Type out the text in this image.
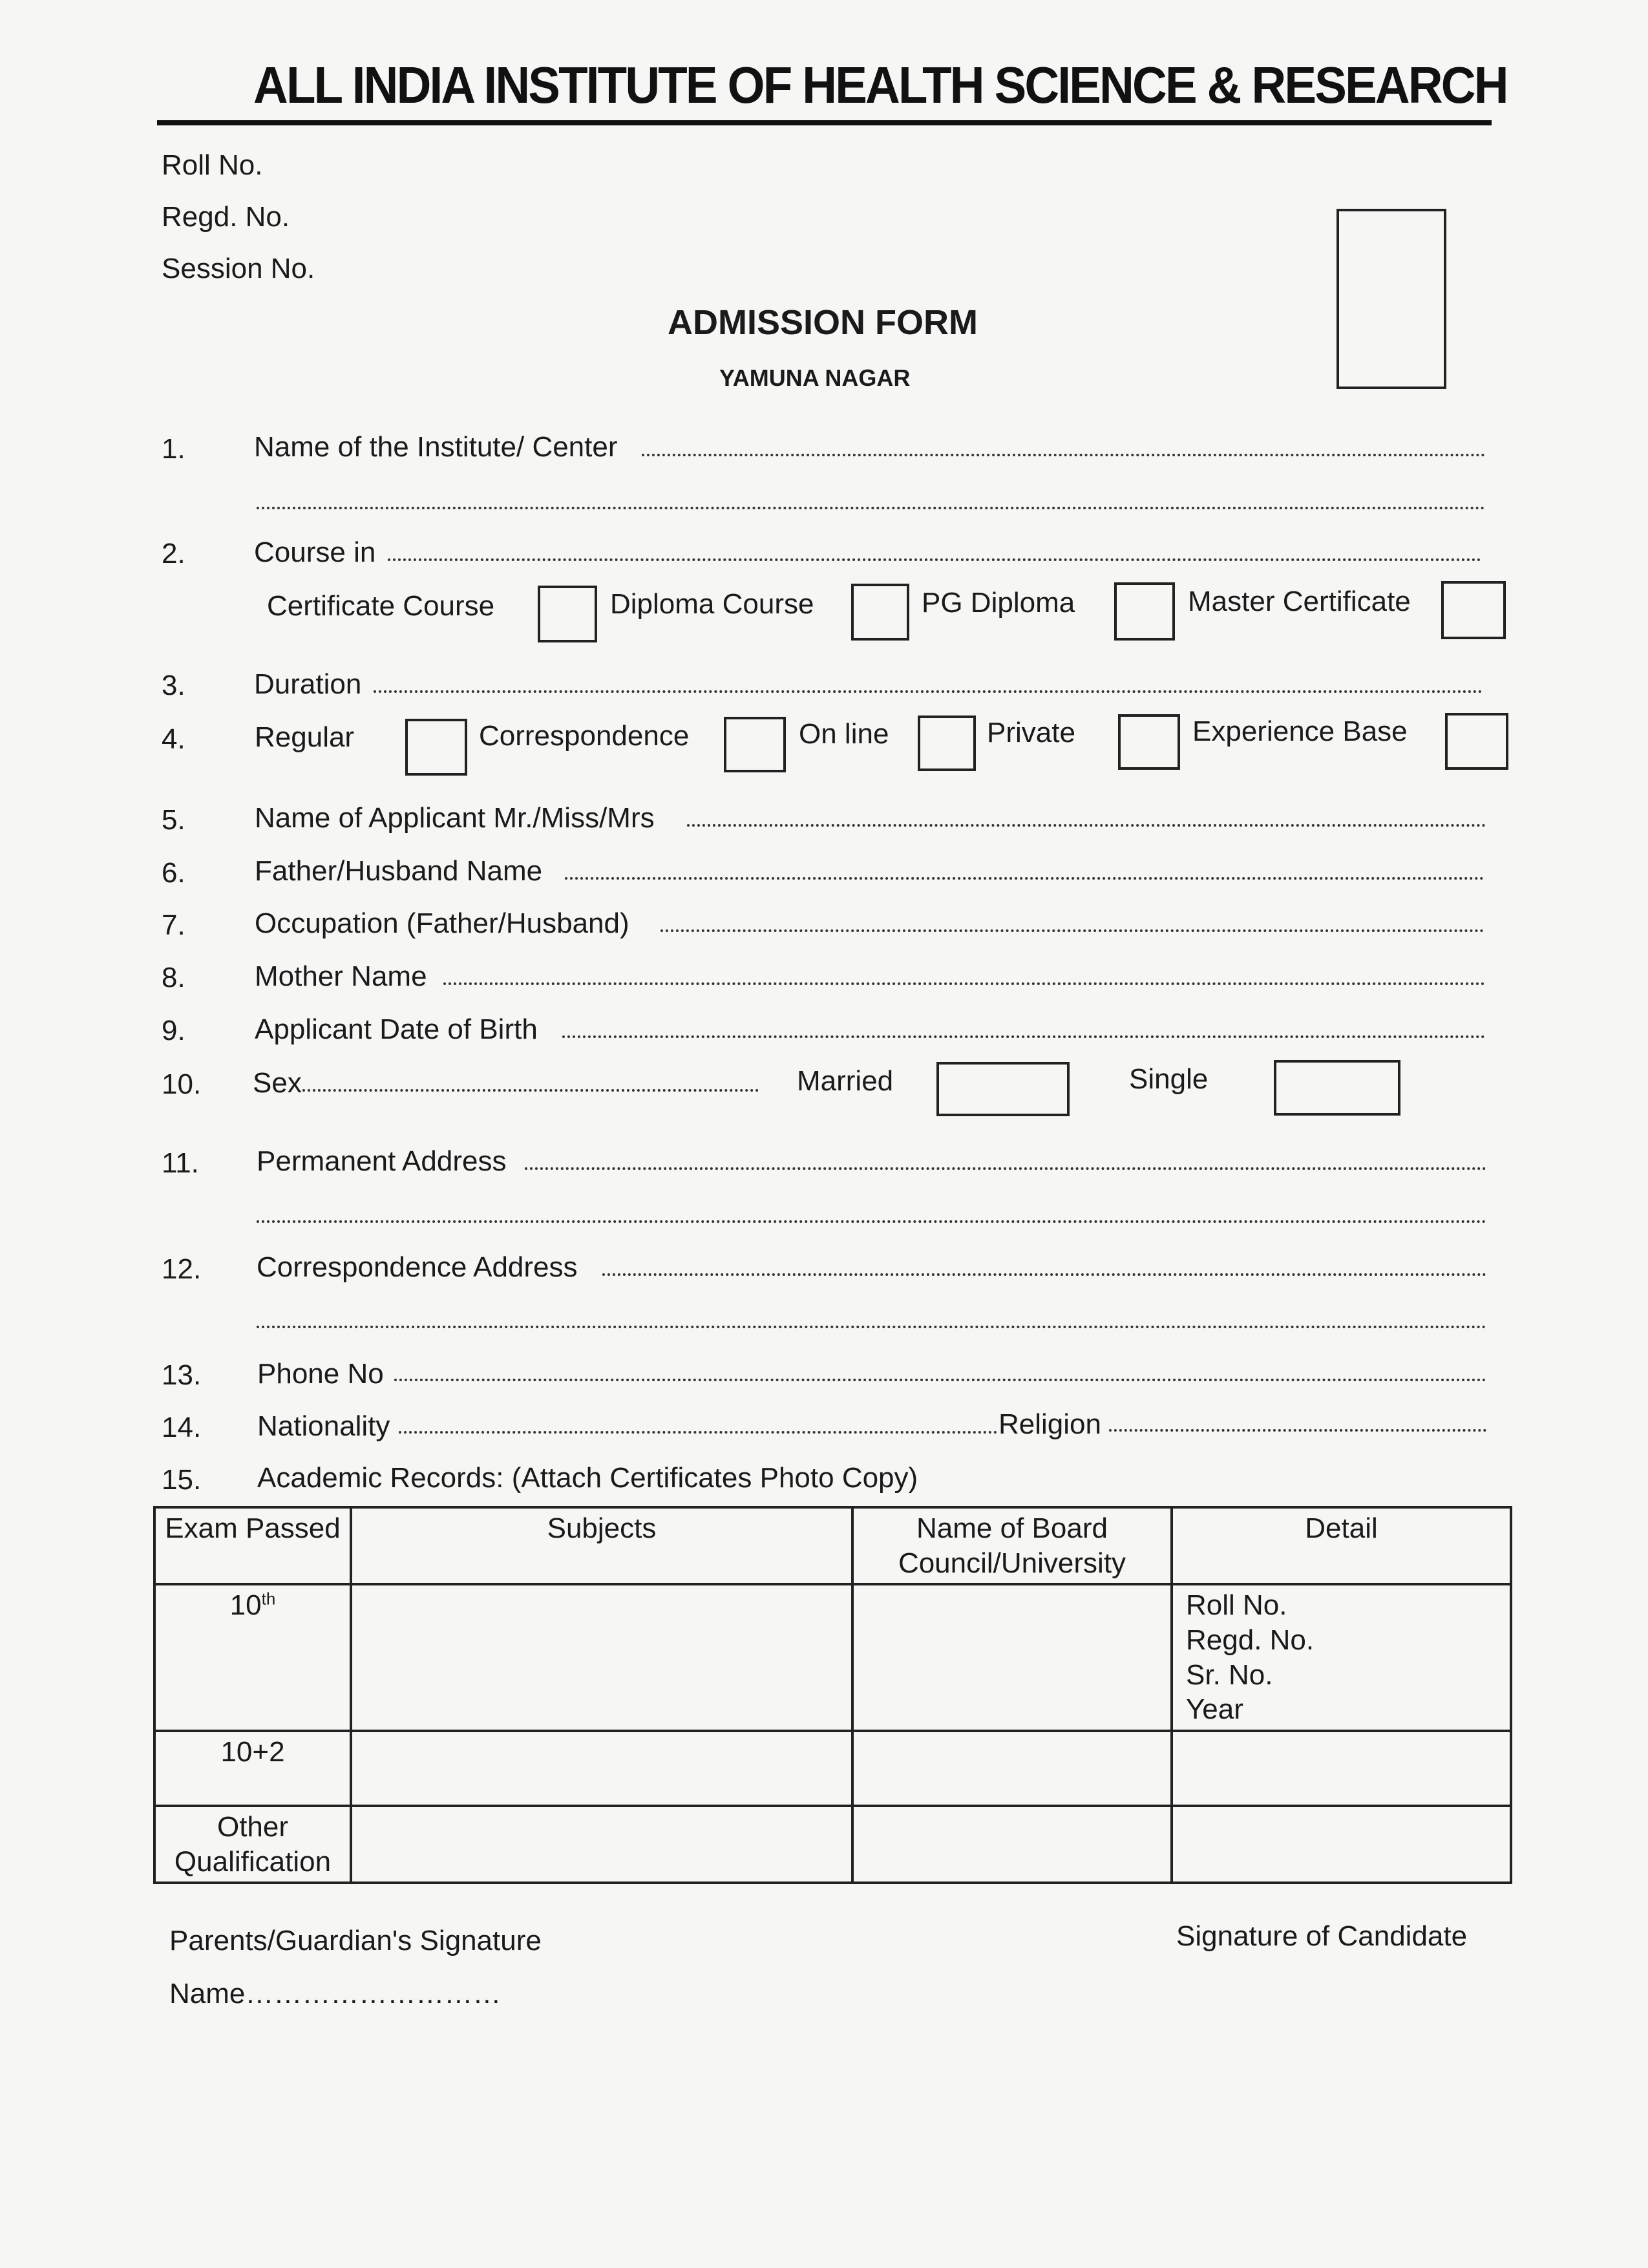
ALL INDIA INSTITUTE OF HEALTH SCIENCE & RESEARCH
Roll No.
Regd. No.
Session No.
ADMISSION FORM
YAMUNA NAGAR
1. Name of the Institute/ Center
2. Course in
Certificate Course	Diploma Course	PG Diploma	Master Certificate
3. Duration
4. Regular	Correspondence	On line	Private	Experience Base
5. Name of Applicant Mr./Miss/Mrs
6. Father/Husband Name
7. Occupation (Father/Husband)
8. Mother Name
9. Applicant Date of Birth
10. Sex	Married	Single
11. Permanent Address
12. Correspondence Address
13. Phone No
14. Nationality	Religion
15. Academic Records: (Attach Certificates Photo Copy)
Exam Passed	Subjects	Name of Board Council/University	Detail
10th			Roll No.
Regd. No.
Sr. No.
Year

10+2			
Other Qualification			
Parents/Guardian's Signature	Signature of Candidate
Name………………………
